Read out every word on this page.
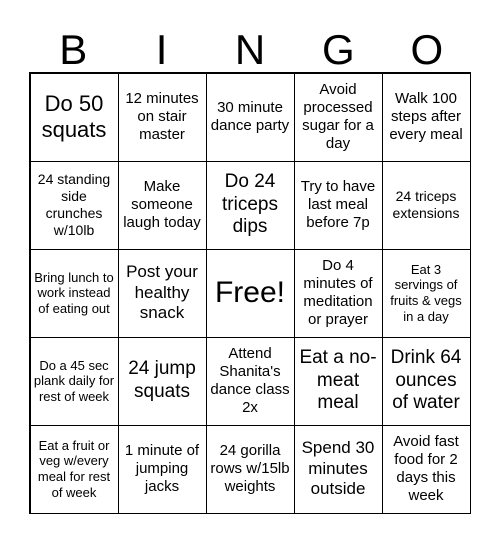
B	I	N	G	O
Do 50 squats
12 minutes on stair master
30 minute dance party
Avoid processed sugar for a day
Walk 100 steps after every meal
24 standing side crunches w/10lb
Make someone laugh today
Do 24 triceps dips
Try to have last meal before 7p
24 triceps extensions
Bring lunch to work instead of eating out
Post your healthy snack
Free!
Do 4 minutes of meditation or prayer
Eat 3 servings of fruits & vegs in a day
Do a 45 sec plank daily for rest of week
24 jump squats
Attend Shanita's dance class 2x
Eat a no-meat meal
Drink 64 ounces of water
Eat a fruit or veg w/every meal for rest of week
1 minute of jumping jacks
24 gorilla rows w/15lb weights
Spend 30 minutes outside
Avoid fast food for 2 days this week
